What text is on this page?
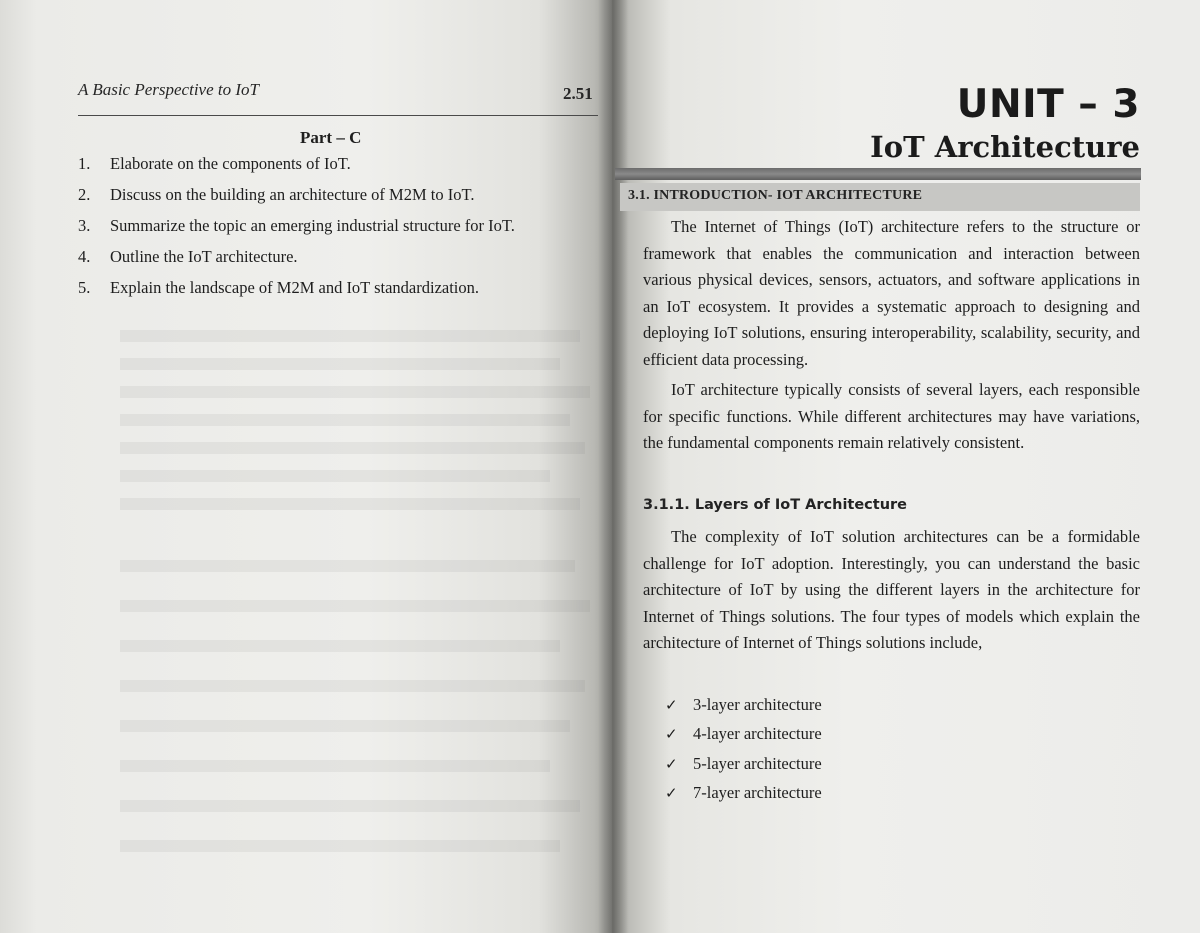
A Basic Perspective to IoT	2.51

Part – C

1.	Elaborate on the components of IoT.
2.	Discuss on the building an architecture of M2M to IoT.
3.	Summarize the topic an emerging industrial structure for IoT.
4.	Outline the IoT architecture.
5.	Explain the landscape of M2M and IoT standardization.

UNIT – 3

IoT Architecture

3.1. INTRODUCTION- IOT ARCHITECTURE

The Internet of Things (IoT) architecture refers to the structure or framework that enables the communication and interaction between various physical devices, sensors, actuators, and software applications in an IoT ecosystem. It provides a systematic approach to designing and deploying IoT solutions, ensuring interoperability, scalability, security, and efficient data processing.

IoT architecture typically consists of several layers, each responsible for specific functions. While different architectures may have variations, the fundamental components remain relatively consistent.

3.1.1. Layers of IoT Architecture

The complexity of IoT solution architectures can be a formidable challenge for IoT adoption. Interestingly, you can understand the basic architecture of IoT by using the different layers in the architecture for Internet of Things solutions. The four types of models which explain the architecture of Internet of Things solutions include,

✓ 3-layer architecture
✓ 4-layer architecture
✓ 5-layer architecture
✓ 7-layer architecture
